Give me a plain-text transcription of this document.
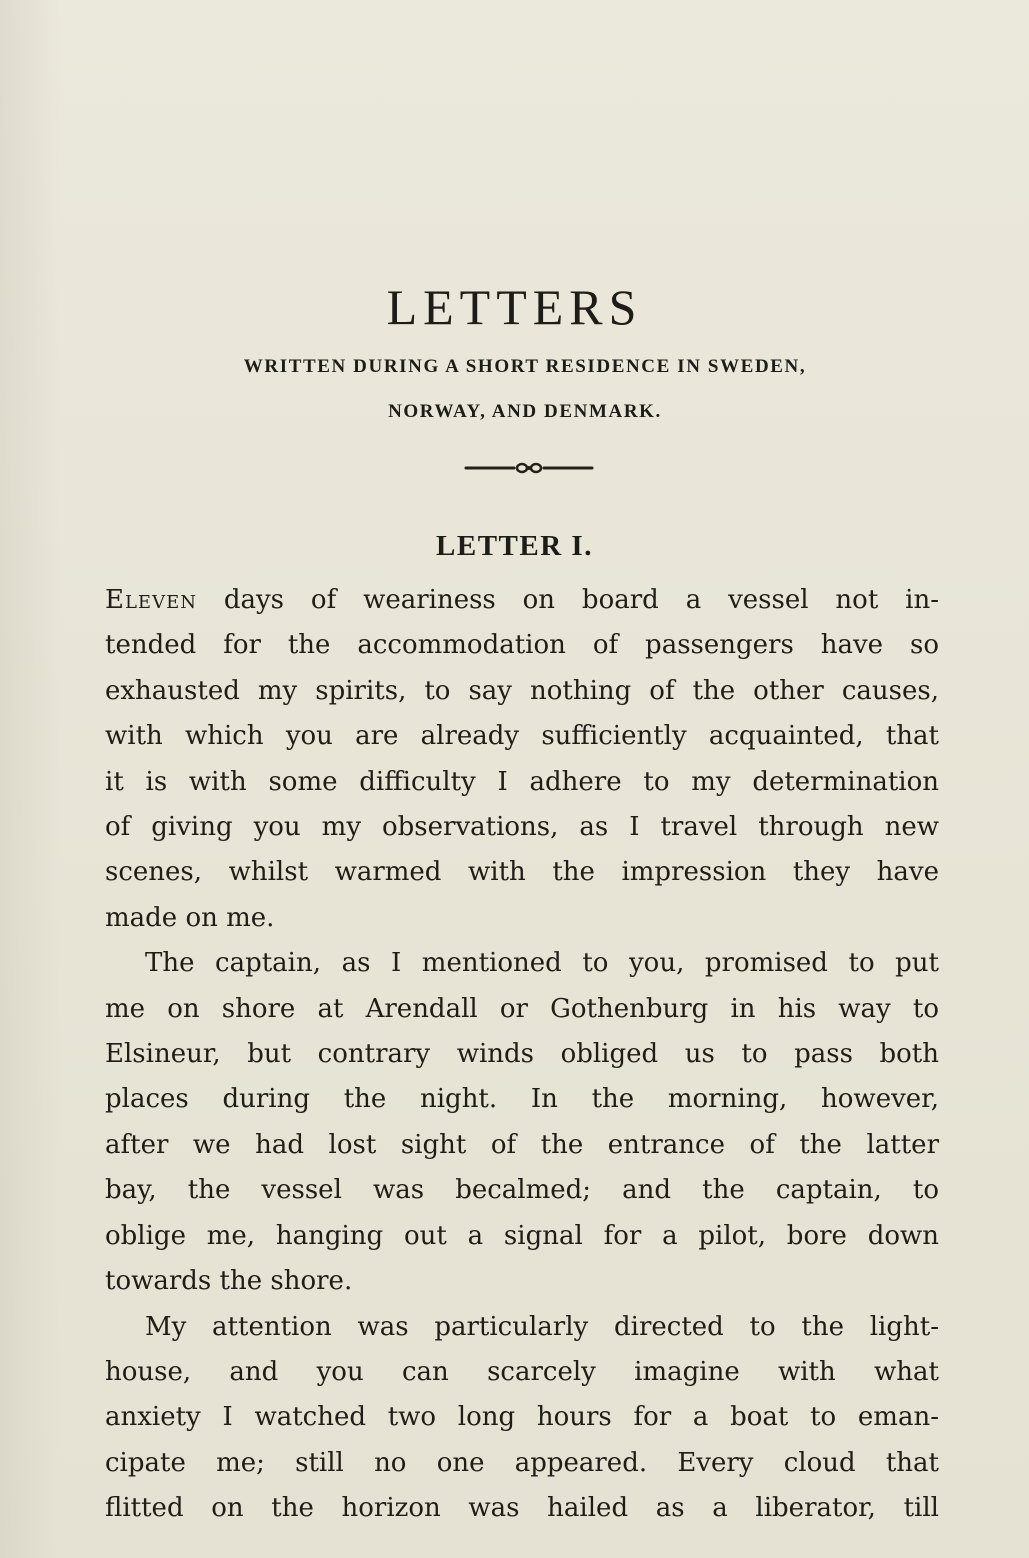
LETTERS
WRITTEN DURING A SHORT RESIDENCE IN SWEDEN,
NORWAY, AND DENMARK.
LETTER I.

Eleven days of weariness on board a vessel not in-

tended for the accommodation of passengers have so

exhausted my spirits, to say nothing of the other causes,

with which you are already sufficiently acquainted, that

it is with some difficulty I adhere to my determination

of giving you my observations, as I travel through new

scenes, whilst warmed with the impression they have

made on me.

The captain, as I mentioned to you, promised to put

me on shore at Arendall or Gothenburg in his way to

Elsineur, but contrary winds obliged us to pass both

places during the night. In the morning, however,

after we had lost sight of the entrance of the latter

bay, the vessel was becalmed; and the captain, to

oblige me, hanging out a signal for a pilot, bore down

towards the shore.

My attention was particularly directed to the light-

house, and you can scarcely imagine with what

anxiety I watched two long hours for a boat to eman-

cipate me; still no one appeared. Every cloud that

flitted on the horizon was hailed as a liberator, till
